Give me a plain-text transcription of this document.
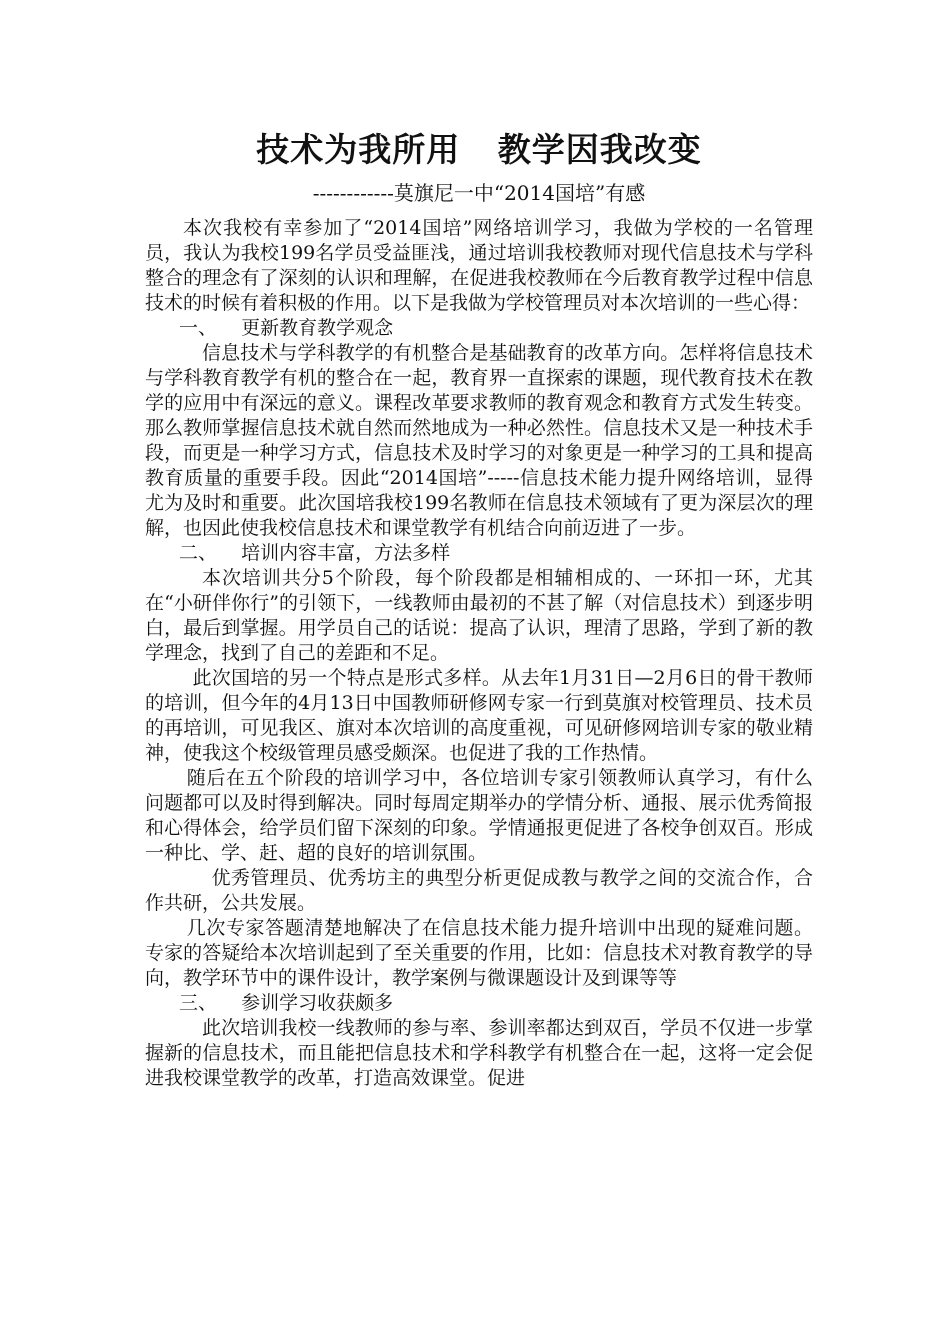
技术为我所用   教学因我改变
------------莫旗尼一中“2014国培”有感

本次我校有幸参加了“2014国培”网络培训学习，我做为学校的一名管理员，我认为我校199名学员受益匪浅，通过培训我校教师对现代信息技术与学科整合的理念有了深刻的认识和理解，在促进我校教师在今后教育教学过程中信息技术的时候有着积极的作用。以下是我做为学校管理员对本次培训的一些心得：

一、    更新教育教学观念

信息技术与学科教学的有机整合是基础教育的改革方向。怎样将信息技术与学科教育教学有机的整合在一起，教育界一直探索的课题，现代教育技术在教学的应用中有深远的意义。课程改革要求教师的教育观念和教育方式发生转变。那么教师掌握信息技术就自然而然地成为一种必然性。信息技术又是一种技术手段，而更是一种学习方式，信息技术及时学习的对象更是一种学习的工具和提高教育质量的重要手段。因此“2014国培”-----信息技术能力提升网络培训，显得尤为及时和重要。此次国培我校199名教师在信息技术领域有了更为深层次的理解，也因此使我校信息技术和课堂教学有机结合向前迈进了一步。

二、    培训内容丰富，方法多样

本次培训共分5个阶段，每个阶段都是相辅相成的、一环扣一环，尤其在“小研伴你行”的引领下，一线教师由最初的不甚了解（对信息技术）到逐步明白，最后到掌握。用学员自己的话说：提高了认识，理清了思路，学到了新的教学理念，找到了自己的差距和不足。

此次国培的另一个特点是形式多样。从去年1月31日—2月6日的骨干教师的培训，但今年的4月13日中国教师研修网专家一行到莫旗对校管理员、技术员的再培训，可见我区、旗对本次培训的高度重视，可见研修网培训专家的敬业精神，使我这个校级管理员感受颇深。也促进了我的工作热情。

随后在五个阶段的培训学习中，各位培训专家引领教师认真学习，有什么问题都可以及时得到解决。同时每周定期举办的学情分析、通报、展示优秀简报和心得体会，给学员们留下深刻的印象。学情通报更促进了各校争创双百。形成一种比、学、赶、超的良好的培训氛围。

优秀管理员、优秀坊主的典型分析更促成教与教学之间的交流合作，合作共研，公共发展。

几次专家答题清楚地解决了在信息技术能力提升培训中出现的疑难问题。专家的答疑给本次培训起到了至关重要的作用，比如：信息技术对教育教学的导向，教学环节中的课件设计，教学案例与微课题设计及到课等等

三、    参训学习收获颇多

此次培训我校一线教师的参与率、参训率都达到双百，学员不仅进一步掌握新的信息技术，而且能把信息技术和学科教学有机整合在一起，这将一定会促进我校课堂教学的改革，打造高效课堂。促进
